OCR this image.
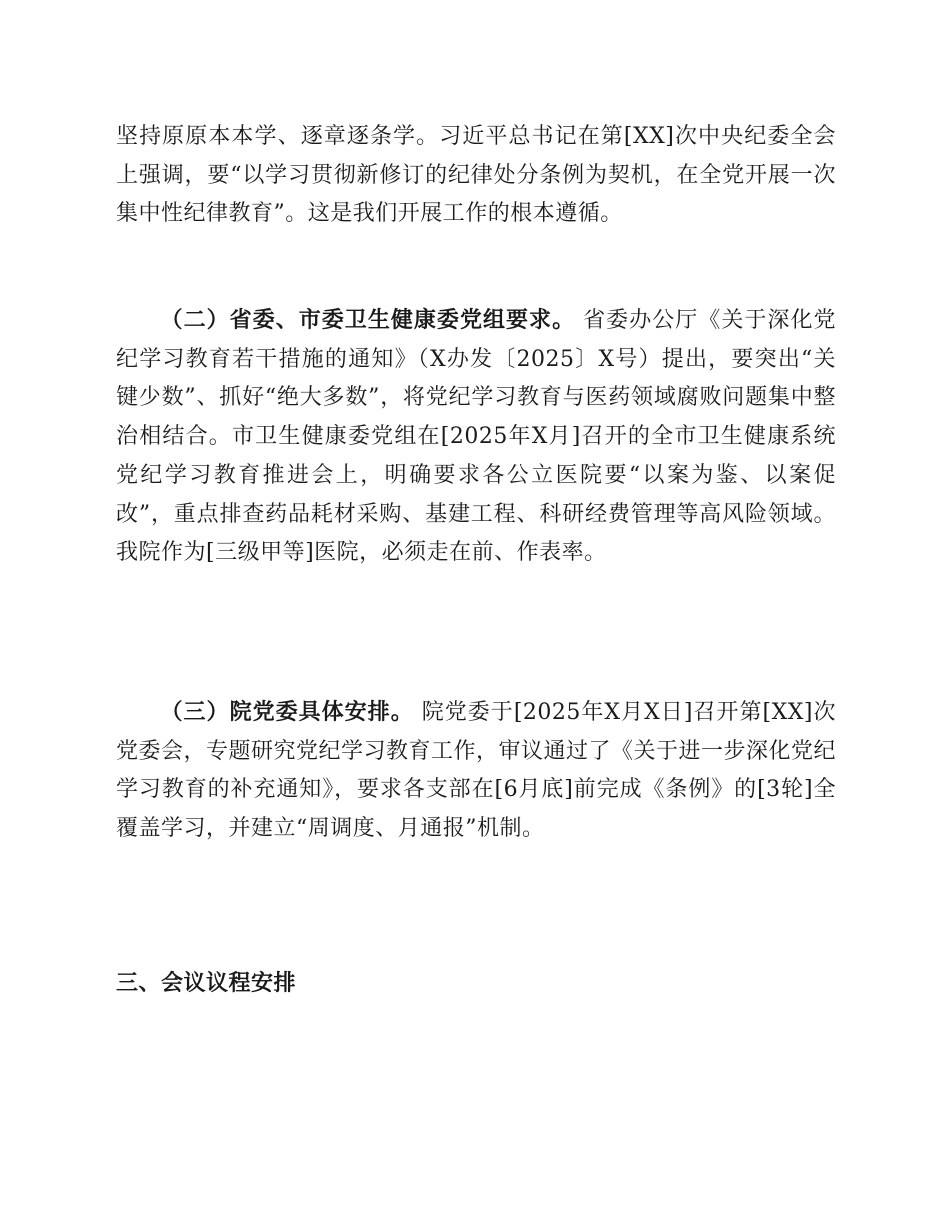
坚持原原本本学、逐章逐条学。习近平总书记在第[XX]次中央纪委全会上强调，要“以学习贯彻新修订的纪律处分条例为契机，在全党开展一次集中性纪律教育”。这是我们开展工作的根本遵循。

（二）省委、市委卫生健康委党组要求。 省委办公厅《关于深化党纪学习教育若干措施的通知》（X办发〔2025〕X号）提出，要突出“关键少数”、抓好“绝大多数”，将党纪学习教育与医药领域腐败问题集中整治相结合。市卫生健康委党组在[2025年X月]召开的全市卫生健康系统党纪学习教育推进会上，明确要求各公立医院要“以案为鉴、以案促改”，重点排查药品耗材采购、基建工程、科研经费管理等高风险领域。我院作为[三级甲等]医院，必须走在前、作表率。

（三）院党委具体安排。 院党委于[2025年X月X日]召开第[XX]次党委会，专题研究党纪学习教育工作，审议通过了《关于进一步深化党纪学习教育的补充通知》，要求各支部在[6月底]前完成《条例》的[3轮]全覆盖学习，并建立“周调度、月通报”机制。

三、会议议程安排
